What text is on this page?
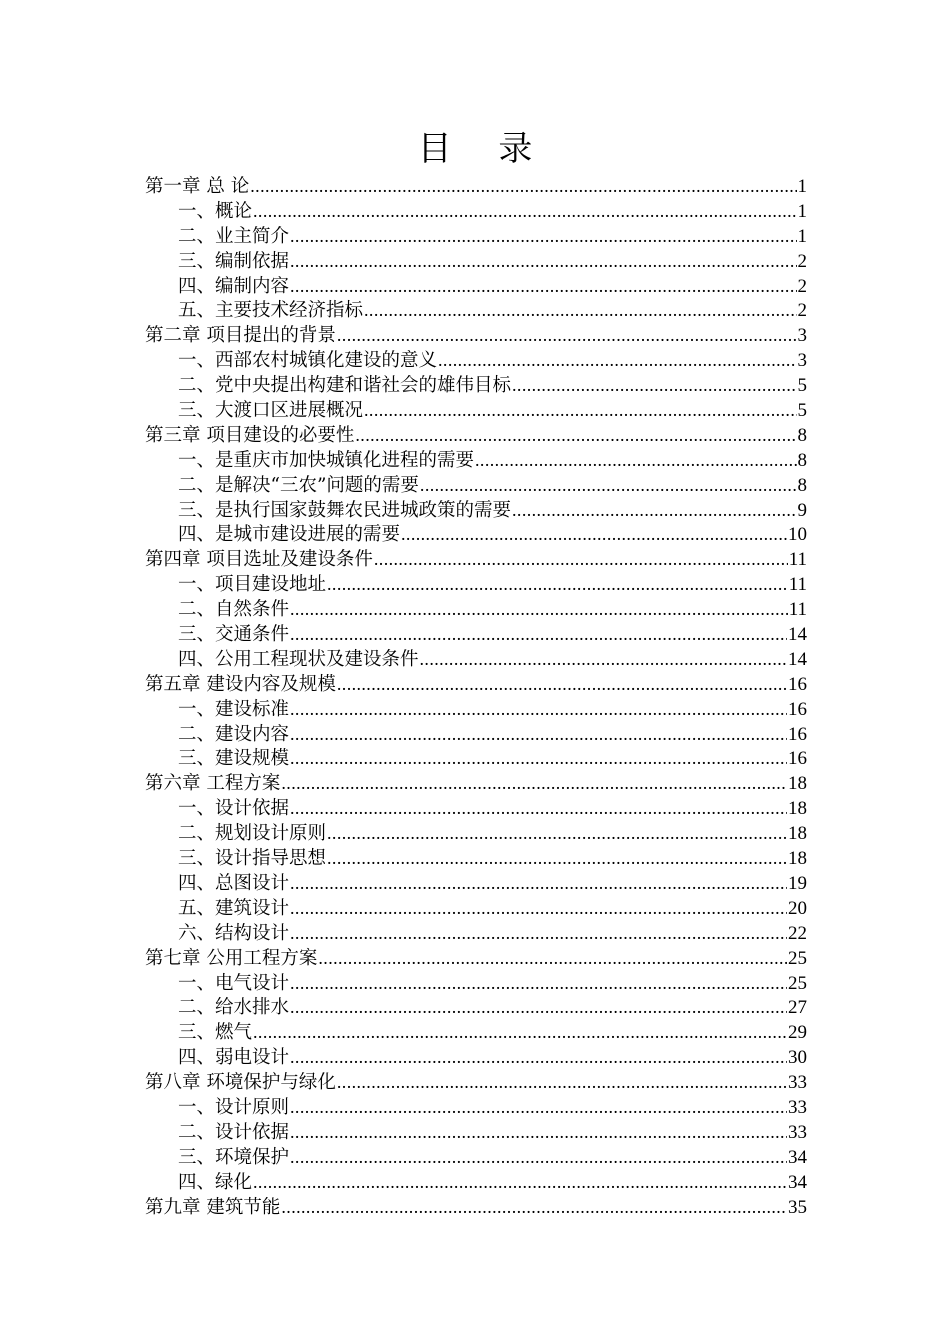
目 录
第一章 总 论 .....	1
一、概论 .....	1
二、业主简介 .....	1
三、编制依据 .....	2
四、编制内容 .....	2
五、主要技术经济指标 .....	2
第二章 项目提出的背景 .....	3
一、西部农村城镇化建设的意义 .....	3
二、党中央提出构建和谐社会的雄伟目标 .....	5
三、大渡口区进展概况 .....	5
第三章 项目建设的必要性 .....	8
一、是重庆市加快城镇化进程的需要 .....	8
二、是解决“三农”问题的需要 .....	8
三、是执行国家鼓舞农民进城政策的需要 .....	9
四、是城市建设进展的需要 .....	10
第四章 项目选址及建设条件 .....	11
一、项目建设地址 .....	11
二、自然条件 .....	11
三、交通条件 .....	14
四、公用工程现状及建设条件 .....	14
第五章 建设内容及规模 .....	16
一、建设标准 .....	16
二、建设内容 .....	16
三、建设规模 .....	16
第六章 工程方案 .....	18
一、设计依据 .....	18
二、规划设计原则 .....	18
三、设计指导思想 .....	18
四、总图设计 .....	19
五、建筑设计 .....	20
六、结构设计 .....	22
第七章 公用工程方案 .....	25
一、电气设计 .....	25
二、给水排水 .....	27
三、燃气 .....	29
四、弱电设计 .....	30
第八章 环境保护与绿化 .....	33
一、设计原则 .....	33
二、设计依据 .....	33
三、环境保护 .....	34
四、绿化 .....	34
第九章 建筑节能 .....	35
